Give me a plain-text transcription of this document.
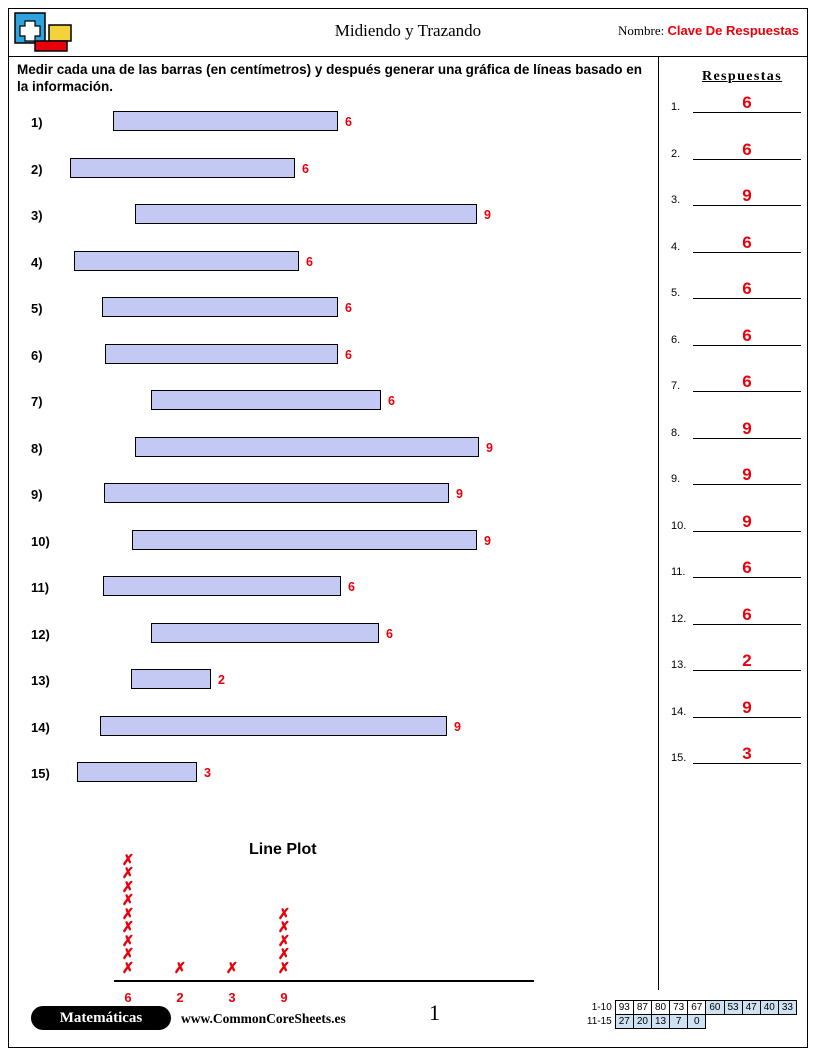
Midiendo y Trazando	Nombre: Clave De Respuestas
Medir cada una de las barras (en centímetros) y después generar una gráfica de líneas basado en la información.
1)	6
2)	6
3)	9
4)	6
5)	6
6)	6
7)	6
8)	9
9)	9
10)	9
11)	6
12)	6
13)	2
14)	9
15)	3
Line Plot
✗
✗
✗
✗
✗
✗
✗
✗
✗
6
✗
2
✗
3
✗
✗
✗
✗
✗
9
Respuestas
1.	6
2.	6
3.	9
4.	6
5.	6
6.	6
7.	6
8.	9
9.	9
10.	9
11.	6
12.	6
13.	2
14.	9
15.	3
Matemáticas	www.CommonCoreSheets.es	1	1-10	93	87	80	73	67	60	53	47	40	33
11-15	27	20	13	7	0					
